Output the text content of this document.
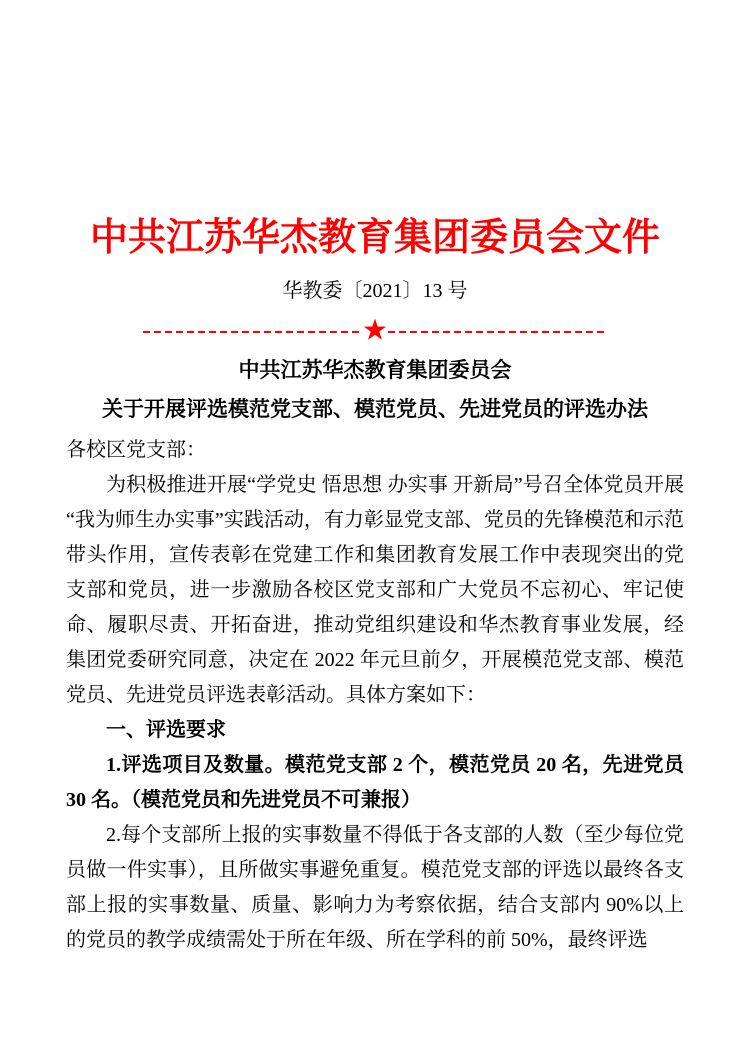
中共江苏华杰教育集团委员会文件
华教委〔2021〕13 号
★
中共江苏华杰教育集团委员会
关于开展评选模范党支部、模范党员、先进党员的评选办法

各校区党支部：

为积极推进开展“学党史 悟思想 办实事 开新局”号召全体党员开展“我为师生办实事”实践活动，有力彰显党支部、党员的先锋模范和示范带头作用，宣传表彰在党建工作和集团教育发展工作中表现突出的党支部和党员，进一步激励各校区党支部和广大党员不忘初心、牢记使命、履职尽责、开拓奋进，推动党组织建设和华杰教育事业发展，经集团党委研究同意，决定在 2022 年元旦前夕，开展模范党支部、模范党员、先进党员评选表彰活动。具体方案如下：

一、评选要求

1.评选项目及数量。模范党支部 2 个，模范党员 20 名，先进党员 30 名。（模范党员和先进党员不可兼报）

2.每个支部所上报的实事数量不得低于各支部的人数（至少每位党员做一件实事），且所做实事避免重复。模范党支部的评选以最终各支部上报的实事数量、质量、影响力为考察依据，结合支部内 90%以上的党员的教学成绩需处于所在年级、所在学科的前 50%，最终评选
